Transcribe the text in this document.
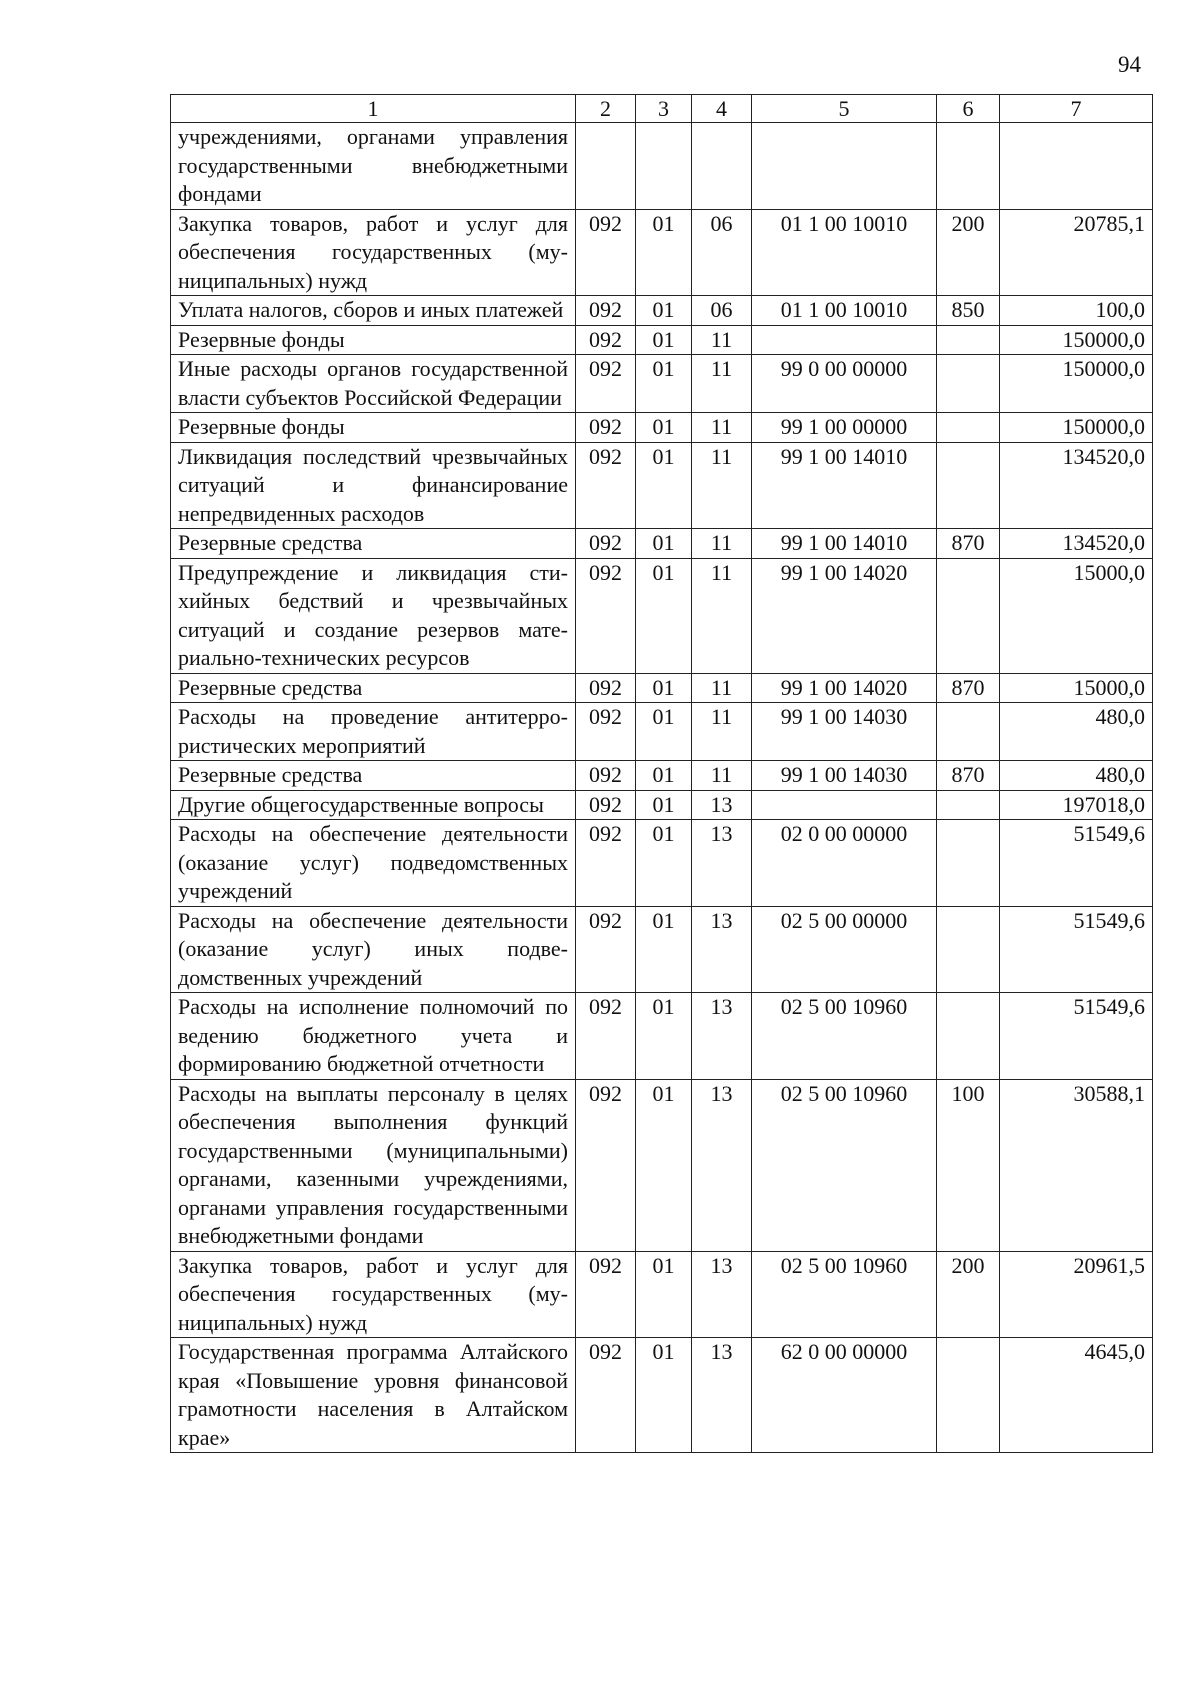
94
1	2	3	4	5	6	7
учреждениями, органами управления государственными внебюджетными фондами						
Закупка товаров, работ и услуг для обеспечения государственных (муниципальных) нужд	092	01	06	01 1 00 10010	200	20785,1
Уплата налогов, сборов и иных платежей	092	01	06	01 1 00 10010	850	100,0
Резервные фонды	092	01	11			150000,0
Иные расходы органов государственной власти субъектов Российской Федерации	092	01	11	99 0 00 00000		150000,0
Резервные фонды	092	01	11	99 1 00 00000		150000,0
Ликвидация последствий чрезвычайных ситуаций и финансирование непредвиденных расходов	092	01	11	99 1 00 14010		134520,0
Резервные средства	092	01	11	99 1 00 14010	870	134520,0
Предупреждение и ликвидация стихийных бедствий и чрезвычайных ситуаций и создание резервов материально-технических ресурсов	092	01	11	99 1 00 14020		15000,0
Резервные средства	092	01	11	99 1 00 14020	870	15000,0
Расходы на проведение антитеррористических мероприятий	092	01	11	99 1 00 14030		480,0
Резервные средства	092	01	11	99 1 00 14030	870	480,0
Другие общегосударственные вопросы	092	01	13			197018,0
Расходы на обеспечение деятельности (оказание услуг) подведомственных учреждений	092	01	13	02 0 00 00000		51549,6
Расходы на обеспечение деятельности (оказание услуг) иных подведомственных учреждений	092	01	13	02 5 00 00000		51549,6
Расходы на исполнение полномочий по ведению бюджетного учета и формированию бюджетной отчетности	092	01	13	02 5 00 10960		51549,6
Расходы на выплаты персоналу в целях обеспечения выполнения функций государственными (муниципальными) органами, казенными учреждениями, органами управления государственными внебюджетными фондами	092	01	13	02 5 00 10960	100	30588,1
Закупка товаров, работ и услуг для обеспечения государственных (муниципальных) нужд	092	01	13	02 5 00 10960	200	20961,5
Государственная программа Алтайского края «Повышение уровня финансовой грамотности населения в Алтайском крае»	092	01	13	62 0 00 00000		4645,0
